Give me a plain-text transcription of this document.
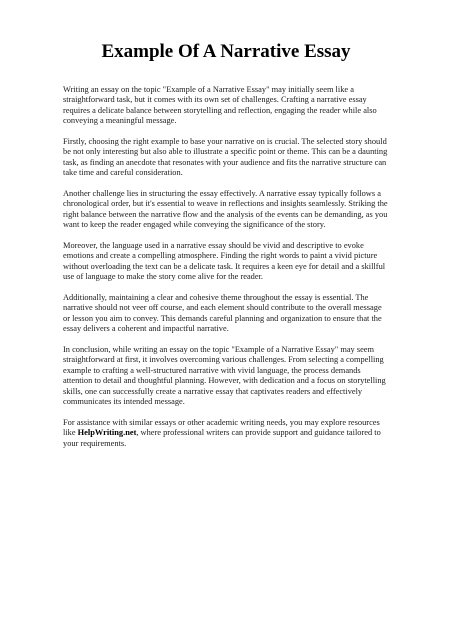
Example Of A Narrative Essay

Writing an essay on the topic "Example of a Narrative Essay" may initially seem like a
straightforward task, but it comes with its own set of challenges. Crafting a narrative essay
requires a delicate balance between storytelling and reflection, engaging the reader while also
conveying a meaningful message.

Firstly, choosing the right example to base your narrative on is crucial. The selected story should
be not only interesting but also able to illustrate a specific point or theme. This can be a daunting
task, as finding an anecdote that resonates with your audience and fits the narrative structure can
take time and careful consideration.

Another challenge lies in structuring the essay effectively. A narrative essay typically follows a
chronological order, but it's essential to weave in reflections and insights seamlessly. Striking the
right balance between the narrative flow and the analysis of the events can be demanding, as you
want to keep the reader engaged while conveying the significance of the story.

Moreover, the language used in a narrative essay should be vivid and descriptive to evoke
emotions and create a compelling atmosphere. Finding the right words to paint a vivid picture
without overloading the text can be a delicate task. It requires a keen eye for detail and a skillful
use of language to make the story come alive for the reader.

Additionally, maintaining a clear and cohesive theme throughout the essay is essential. The
narrative should not veer off course, and each element should contribute to the overall message
or lesson you aim to convey. This demands careful planning and organization to ensure that the
essay delivers a coherent and impactful narrative.

In conclusion, while writing an essay on the topic "Example of a Narrative Essay" may seem
straightforward at first, it involves overcoming various challenges. From selecting a compelling
example to crafting a well-structured narrative with vivid language, the process demands
attention to detail and thoughtful planning. However, with dedication and a focus on storytelling
skills, one can successfully create a narrative essay that captivates readers and effectively
communicates its intended message.

For assistance with similar essays or other academic writing needs, you may explore resources
like HelpWriting.net, where professional writers can provide support and guidance tailored to
your requirements.
